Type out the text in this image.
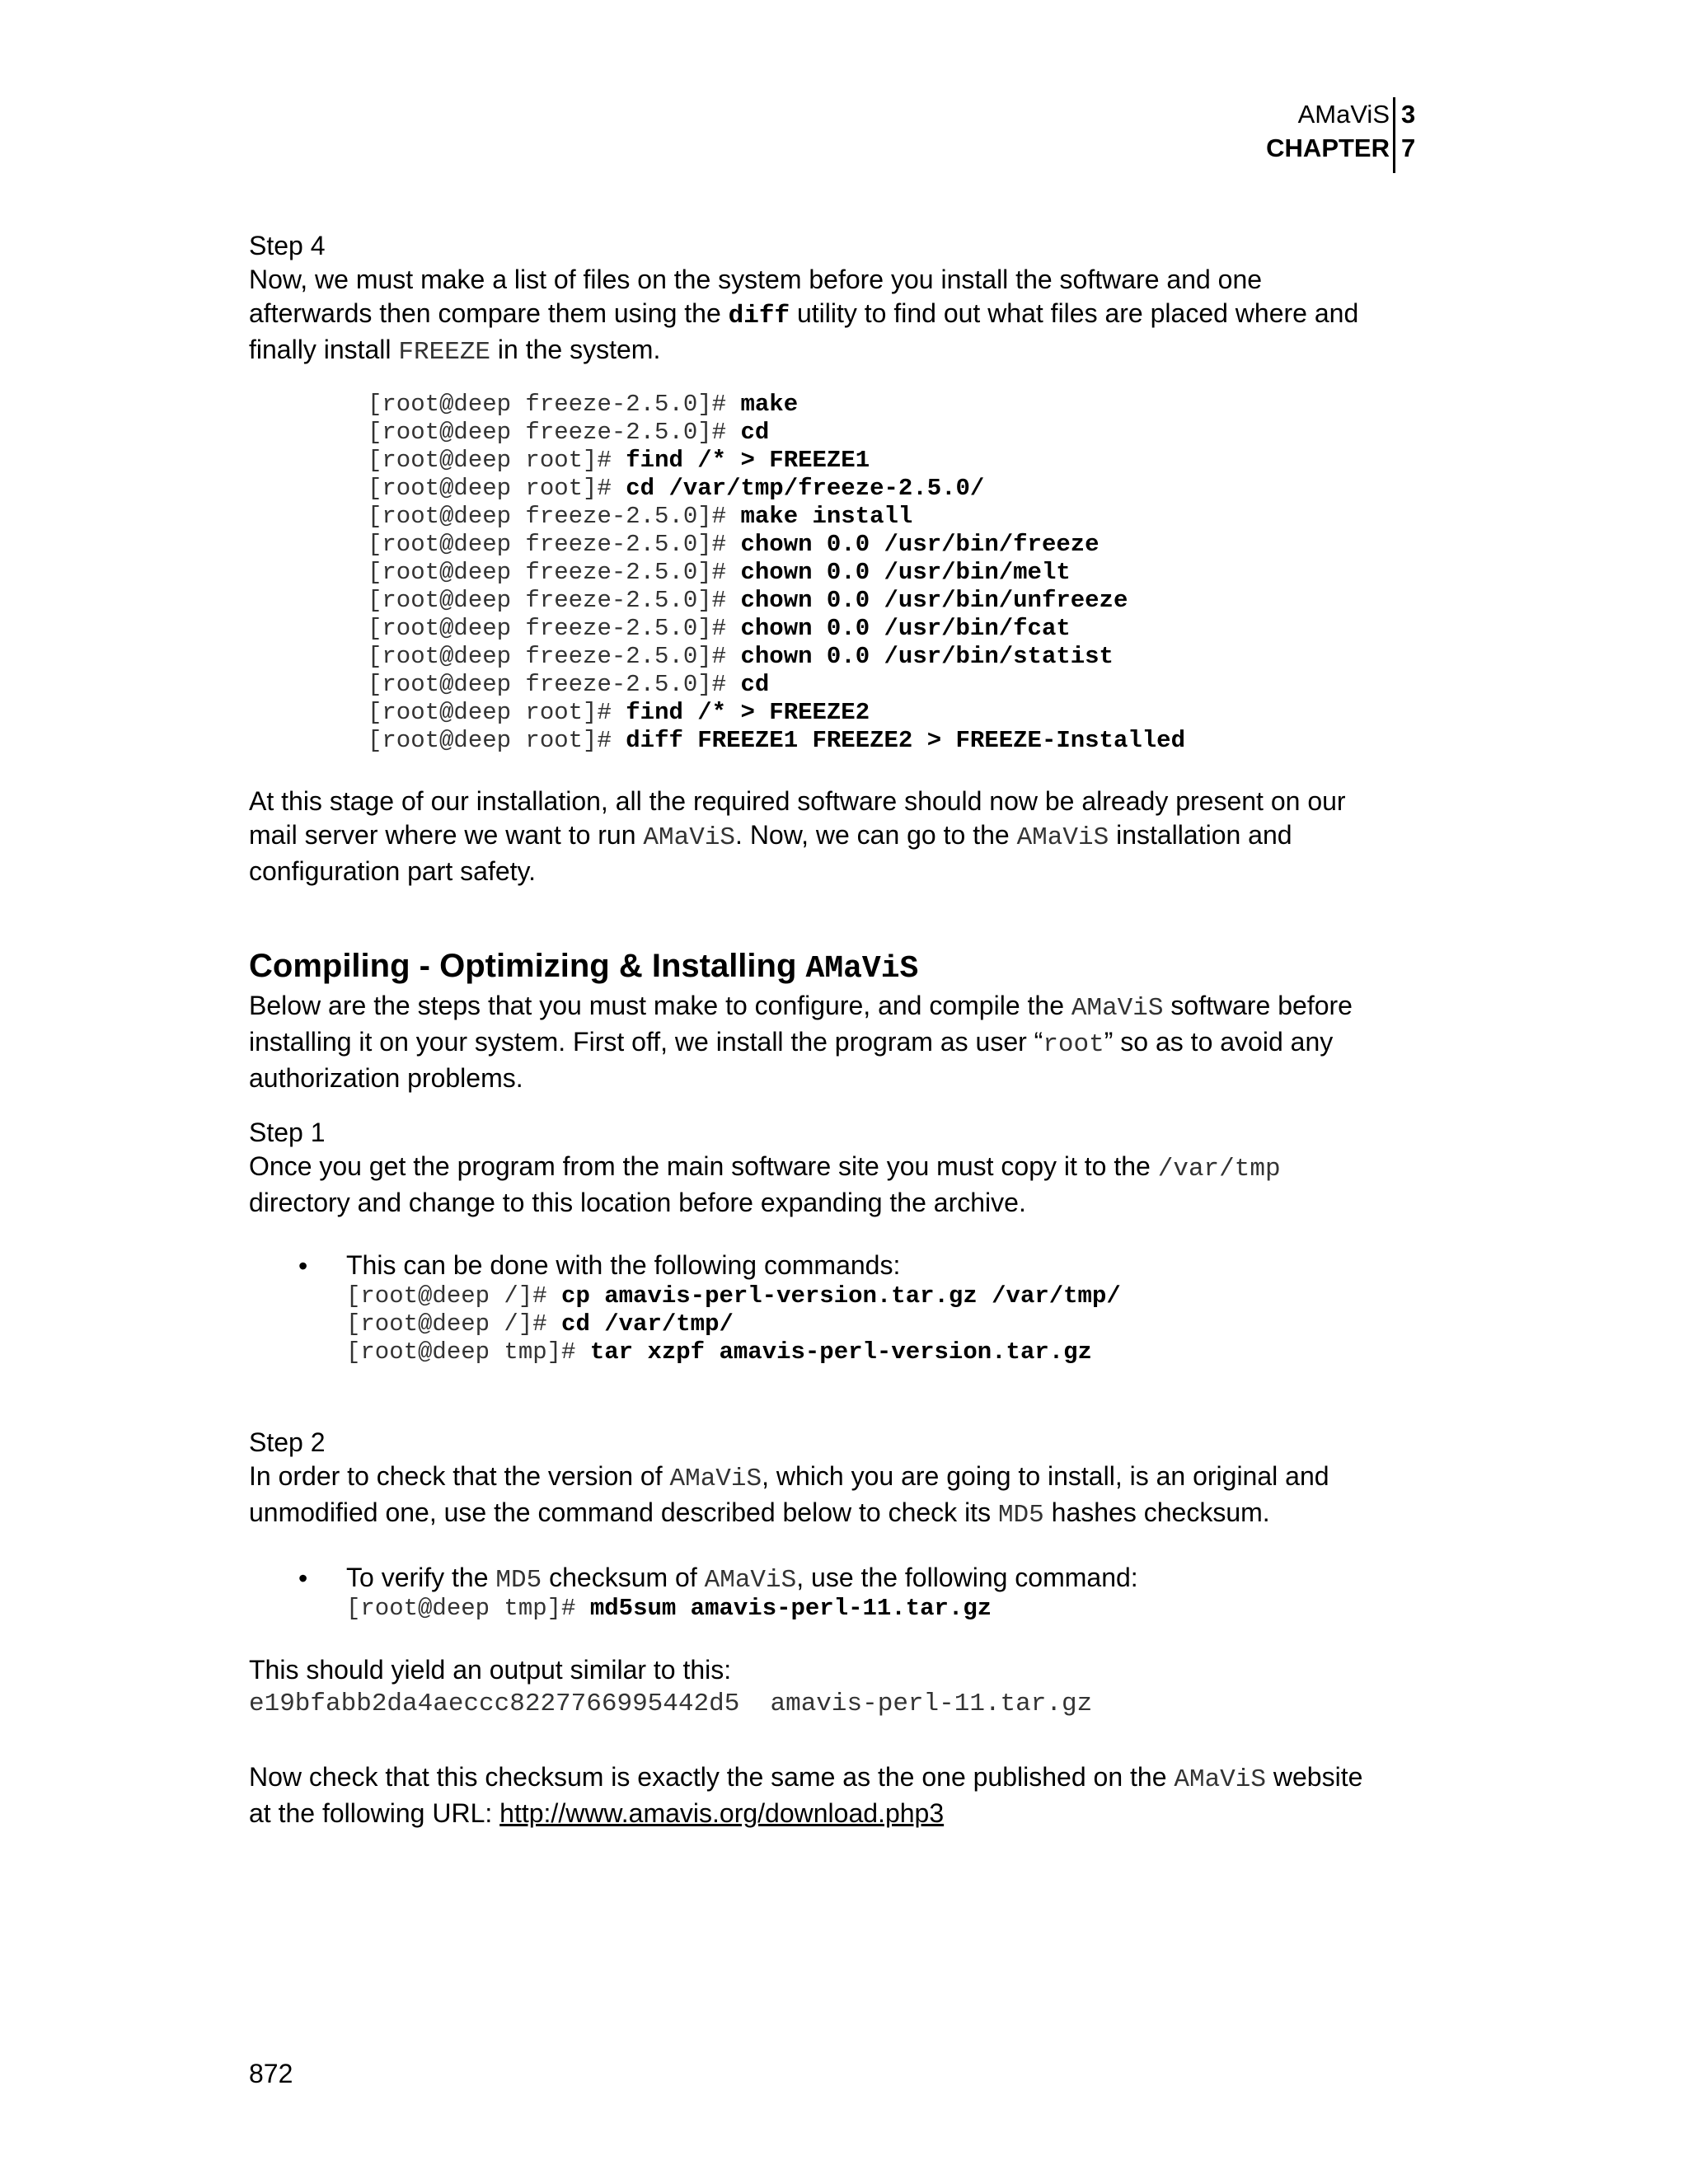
AMaViS
CHAPTER
3
7
Step 4
Now, we must make a list of files on the system before you install the software and one
afterwards then compare them using the diff utility to find out what files are placed where and
finally install FREEZE in the system.
[root@deep freeze-2.5.0]# make
[root@deep freeze-2.5.0]# cd
[root@deep root]# find /* > FREEZE1
[root@deep root]# cd /var/tmp/freeze-2.5.0/
[root@deep freeze-2.5.0]# make install
[root@deep freeze-2.5.0]# chown 0.0 /usr/bin/freeze
[root@deep freeze-2.5.0]# chown 0.0 /usr/bin/melt
[root@deep freeze-2.5.0]# chown 0.0 /usr/bin/unfreeze
[root@deep freeze-2.5.0]# chown 0.0 /usr/bin/fcat
[root@deep freeze-2.5.0]# chown 0.0 /usr/bin/statist
[root@deep freeze-2.5.0]# cd
[root@deep root]# find /* > FREEZE2
[root@deep root]# diff FREEZE1 FREEZE2 > FREEZE-Installed
At this stage of our installation, all the required software should now be already present on our
mail server where we want to run AMaViS. Now, we can go to the AMaViS installation and
configuration part safety.
Compiling - Optimizing & Installing AMaViS
Below are the steps that you must make to configure, and compile the AMaViS software before
installing it on your system. First off, we install the program as user “root” so as to avoid any
authorization problems.
Step 1
Once you get the program from the main software site you must copy it to the /var/tmp
directory and change to this location before expanding the archive.
• This can be done with the following commands:
[root@deep /]# cp amavis-perl-version.tar.gz /var/tmp/
[root@deep /]# cd /var/tmp/
[root@deep tmp]# tar xzpf amavis-perl-version.tar.gz
Step 2
In order to check that the version of AMaViS, which you are going to install, is an original and
unmodified one, use the command described below to check its MD5 hashes checksum.
• To verify the MD5 checksum of AMaViS, use the following command:
[root@deep tmp]# md5sum amavis-perl-11.tar.gz
This should yield an output similar to this:
e19bfabb2da4aeccc8227766995442d5  amavis-perl-11.tar.gz
Now check that this checksum is exactly the same as the one published on the AMaViS website
at the following URL: http://www.amavis.org/download.php3
872
